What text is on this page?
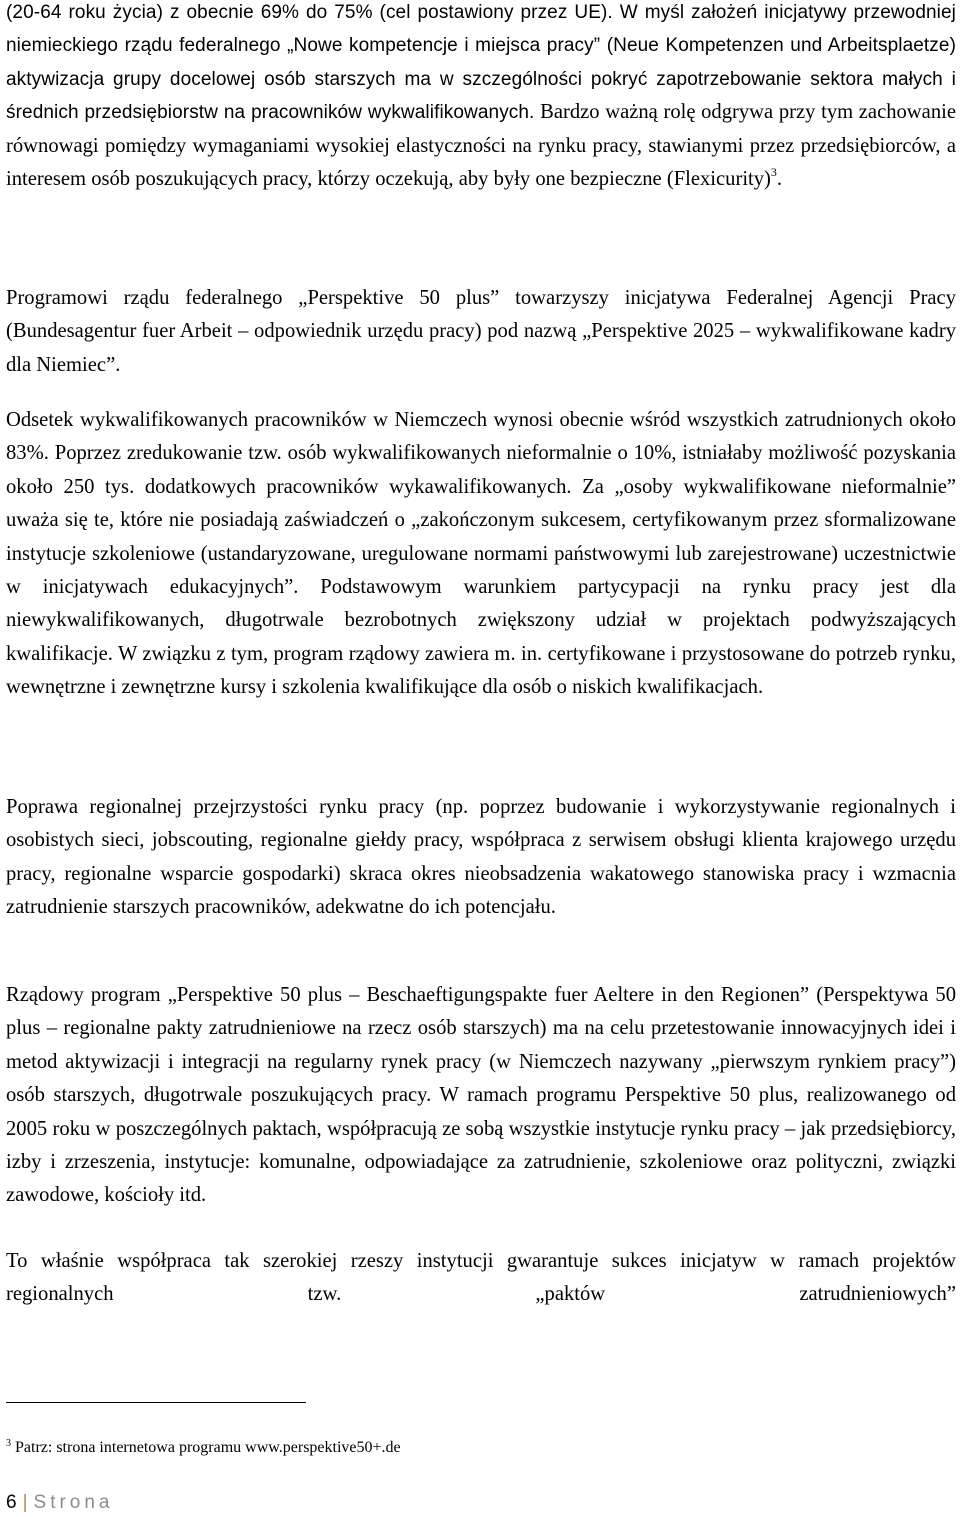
(20-64 roku życia) z obecnie 69% do 75% (cel postawiony przez UE). W myśl założeń inicjatywy przewodniej niemieckiego rządu federalnego „Nowe kompetencje i miejsca pracy” (Neue Kompetenzen und Arbeitsplaetze) aktywizacja grupy docelowej osób starszych ma w szczególności pokryć zapotrzebowanie sektora małych i średnich przedsiębiorstw na pracowników wykwalifikowanych. Bardzo ważną rolę odgrywa przy tym zachowanie równowagi pomiędzy wymaganiami wysokiej elastyczności na rynku pracy, stawianymi przez przedsiębiorców, a interesem osób poszukujących pracy, którzy oczekują, aby były one bezpieczne (Flexicurity)$^3$.

Programowi rządu federalnego „Perspektive 50 plus” towarzyszy inicjatywa Federalnej Agencji Pracy (Bundesagentur fuer Arbeit – odpowiednik urzędu pracy) pod nazwą „Perspektive 2025 – wykwalifikowane kadry dla Niemiec”.

Odsetek wykwalifikowanych pracowników w Niemczech wynosi obecnie wśród wszystkich zatrudnionych około 83%. Poprzez zredukowanie tzw. osób wykwalifikowanych nieformalnie o 10%, istniałaby możliwość pozyskania około 250 tys. dodatkowych pracowników wykawalifikowanych. Za „osoby wykwalifikowane nieformalnie” uważa się te, które nie posiadają zaświadczeń o „zakończonym sukcesem, certyfikowanym przez sformalizowane instytucje szkoleniowe (ustandaryzowane, uregulowane normami państwowymi lub zarejestrowane) uczestnictwie w inicjatywach edukacyjnych”. Podstawowym warunkiem partycypacji na rynku pracy jest dla niewykwalifikowanych, długotrwale bezrobotnych zwiększony udział w projektach podwyższających kwalifikacje. W związku z tym, program rządowy zawiera m. in. certyfikowane i przystosowane do potrzeb rynku, wewnętrzne i zewnętrzne kursy i szkolenia kwalifikujące dla osób o niskich kwalifikacjach.

Poprawa regionalnej przejrzystości rynku pracy (np. poprzez budowanie i wykorzystywanie regionalnych i osobistych sieci, jobscouting, regionalne giełdy pracy, współpraca z serwisem obsługi klienta krajowego urzędu pracy, regionalne wsparcie gospodarki) skraca okres nieobsadzenia wakatowego stanowiska pracy i wzmacnia zatrudnienie starszych pracowników, adekwatne do ich potencjału.

Rządowy program „Perspektive 50 plus – Beschaeftigungspakte fuer Aeltere in den Regionen” (Perspektywa 50 plus – regionalne pakty zatrudnieniowe na rzecz osób starszych) ma na celu przetestowanie innowacyjnych idei i metod aktywizacji i integracji na regularny rynek pracy (w Niemczech nazywany „pierwszym rynkiem pracy”) osób starszych, długotrwale poszukujących pracy. W ramach programu Perspektive 50 plus, realizowanego od 2005 roku w poszczególnych paktach, współpracują ze sobą wszystkie instytucje rynku pracy – jak przedsiębiorcy, izby i zrzeszenia, instytucje: komunalne, odpowiadające za zatrudnienie, szkoleniowe oraz polityczni, związki zawodowe, kościoły itd.

To właśnie współpraca tak szerokiej rzeszy instytucji gwarantuje sukces inicjatyw w ramach projektów regionalnych tzw. „paktów zatrudnieniowych”

$^3$ Patrz: strona internetowa programu www.perspektive50+.de
6 | Strona
